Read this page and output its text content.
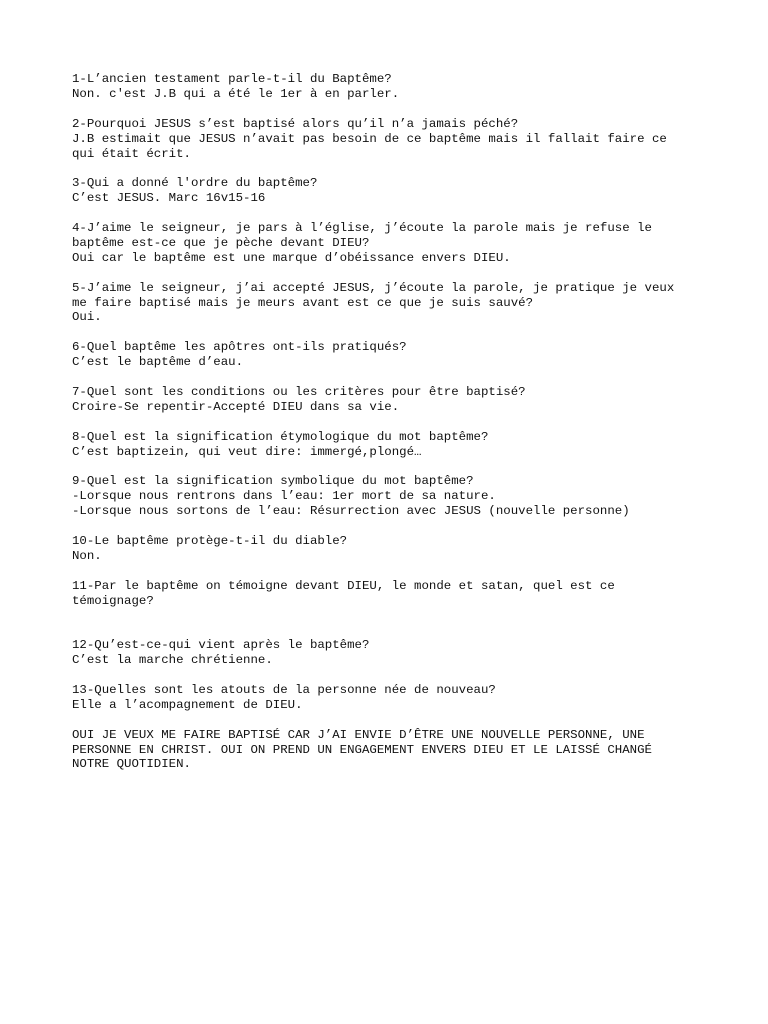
1-L’ancien testament parle-t-il du Baptême?
Non. c'est J.B qui a été le 1er à en parler.
2-Pourquoi JESUS s’est baptisé alors qu’il n’a jamais péché?
J.B estimait que JESUS n’avait pas besoin de ce baptême mais il fallait faire ce
qui était écrit.
3-Qui a donné l'ordre du baptême?
C’est JESUS. Marc 16v15-16
4-J’aime le seigneur, je pars à l’église, j’écoute la parole mais je refuse le
baptême est-ce que je pèche devant DIEU?
Oui car le baptême est une marque d’obéissance envers DIEU.
5-J’aime le seigneur, j’ai accepté JESUS, j’écoute la parole, je pratique je veux
me faire baptisé mais je meurs avant est ce que je suis sauvé?
Oui.
6-Quel baptême les apôtres ont-ils pratiqués?
C’est le baptême d’eau.
7-Quel sont les conditions ou les critères pour être baptisé?
Croire-Se repentir-Accepté DIEU dans sa vie.
8-Quel est la signification étymologique du mot baptême?
C’est baptizein, qui veut dire: immergé,plongé…
9-Quel est la signification symbolique du mot baptême?
-Lorsque nous rentrons dans l’eau: 1er mort de sa nature.
-Lorsque nous sortons de l’eau: Résurrection avec JESUS (nouvelle personne)
10-Le baptême protège-t-il du diable?
Non.
11-Par le baptême on témoigne devant DIEU, le monde et satan, quel est ce
témoignage?
12-Qu’est-ce-qui vient après le baptême?
C’est la marche chrétienne.
13-Quelles sont les atouts de la personne née de nouveau?
Elle a l’acompagnement de DIEU.
OUI JE VEUX ME FAIRE BAPTISÉ CAR J’AI ENVIE D’ÊTRE UNE NOUVELLE PERSONNE, UNE
PERSONNE EN CHRIST. OUI ON PREND UN ENGAGEMENT ENVERS DIEU ET LE LAISSÉ CHANGÉ
NOTRE QUOTIDIEN.
